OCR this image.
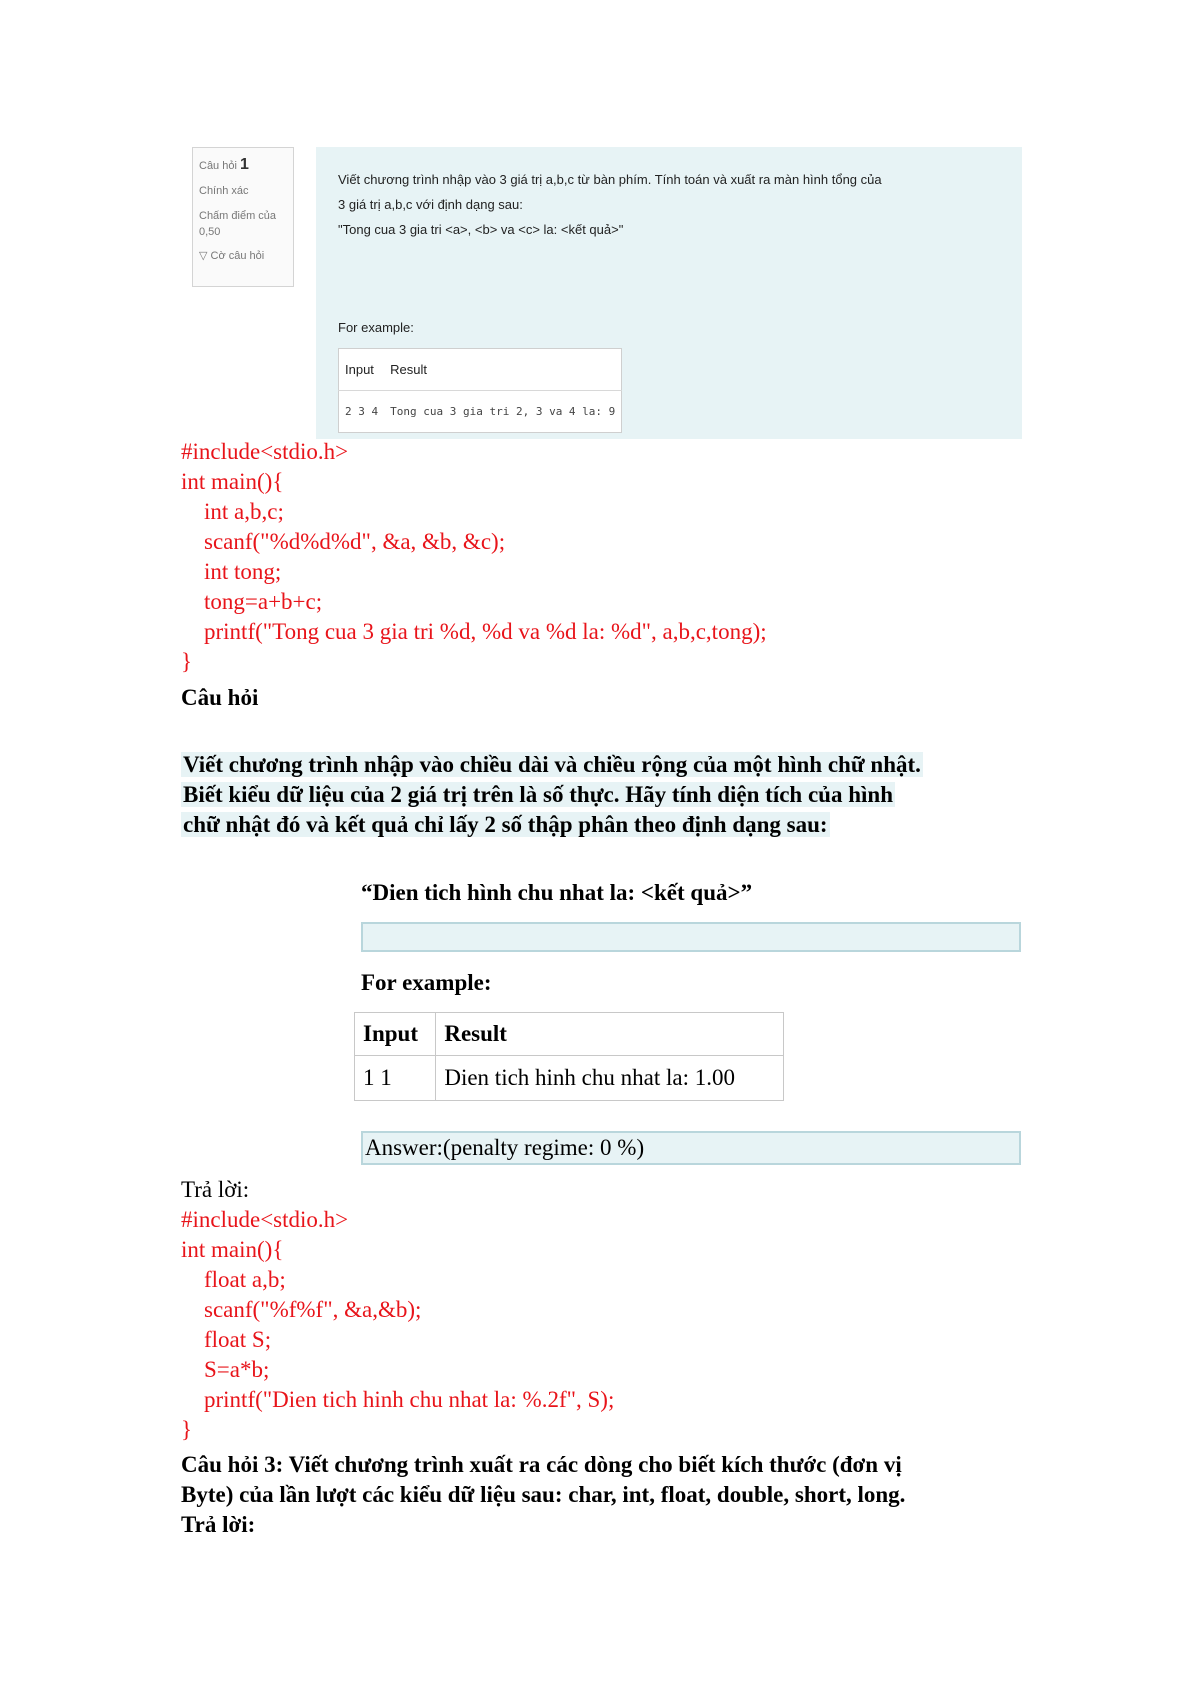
Câu hỏi 1
Chính xác
Chấm điểm của
0,50
▽ Cờ câu hỏi
Viết chương trình nhập vào 3 giá trị a,b,c từ bàn phím. Tính toán và xuất ra màn hình tổng của
3 giá trị a,b,c với định dạng sau:
"Tong cua 3 gia tri <a>, <b> va <c> la: <kết quả>"
For example:
Input	Result
2 3 4	Tong cua 3 gia tri 2, 3 va 4 la: 9
#include<stdio.h>
int main(){
int a,b,c;
scanf("%d%d%d", &a, &b, &c);
int tong;
tong=a+b+c;
printf("Tong cua 3 gia tri %d, %d va %d la: %d", a,b,c,tong);
}
Câu hỏi
Viết chương trình nhập vào chiều dài và chiều rộng của một hình chữ nhật.
Biết kiểu dữ liệu của 2 giá trị trên là số thực. Hãy tính diện tích của hình
chữ nhật đó và kết quả chỉ lấy 2 số thập phân theo định dạng sau:
“Dien tich hình chu nhat la: <kết quả>”
For example:
Input	Result
1 1	Dien tich hinh chu nhat la: 1.00
Answer:(penalty regime: 0 %)
Trả lời:
#include<stdio.h>
int main(){
float a,b;
scanf("%f%f", &a,&b);
float S;
S=a*b;
printf("Dien tich hinh chu nhat la: %.2f", S);
}
Câu hỏi 3: Viết chương trình xuất ra các dòng cho biết kích thước (đơn vị
Byte) của lần lượt các kiểu dữ liệu sau: char, int, float, double, short, long.
Trả lời:
